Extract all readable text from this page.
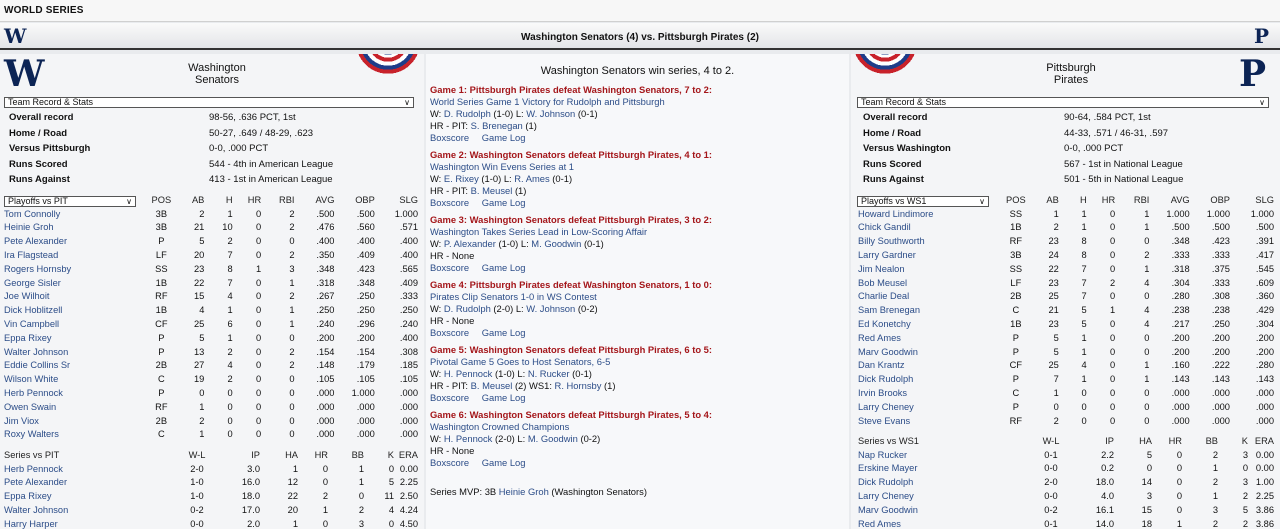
WORLD SERIES
W	Washington Senators (4) vs. Pittsburgh Pirates (2)	P
W	Washington
Senators
Team Record & Stats	∨
Overall record	98-56, .636 PCT, 1st
Home / Road	50-27, .649 / 48-29, .623
Versus Pittsburgh	0-0, .000 PCT
Runs Scored	544 - 4th in American League
Runs Against	413 - 1st in American League
Playoffs vs PIT	∨
	POS	AB	H	HR	RBI	AVG	OBP	SLG
Tom Connolly	3B	2	1	0	2	.500	.500	1.000
Heinie Groh	3B	21	10	0	2	.476	.560	.571
Pete Alexander	P	5	2	0	0	.400	.400	.400
Ira Flagstead	LF	20	7	0	2	.350	.409	.400
Rogers Hornsby	SS	23	8	1	3	.348	.423	.565
George Sisler	1B	22	7	0	1	.318	.348	.409
Joe Wilhoit	RF	15	4	0	2	.267	.250	.333
Dick Hoblitzell	1B	4	1	0	1	.250	.250	.250
Vin Campbell	CF	25	6	0	1	.240	.296	.240
Eppa Rixey	P	5	1	0	0	.200	.200	.400
Walter Johnson	P	13	2	0	2	.154	.154	.308
Eddie Collins Sr	2B	27	4	0	2	.148	.179	.185
Wilson White	C	19	2	0	0	.105	.105	.105
Herb Pennock	P	0	0	0	0	.000	1.000	.000
Owen Swain	RF	1	0	0	0	.000	.000	.000
Jim Viox	2B	2	0	0	0	.000	.000	.000
Roxy Walters	C	1	0	0	0	.000	.000	.000
Series vs PIT	W-L	IP	HA	HR	BB	K	ERA
Herb Pennock	2-0	3.0	1	0	1	0	0.00
Pete Alexander	1-0	16.0	12	0	1	5	2.25
Eppa Rixey	1-0	18.0	22	2	0	11	2.50
Walter Johnson	0-2	17.0	20	1	2	4	4.24
Harry Harper	0-0	2.0	1	0	3	0	4.50
Washington Senators win series, 4 to 2.
Game 1: Pittsburgh Pirates defeat Washington Senators, 7 to 2:
World Series Game 1 Victory for Rudolph and Pittsburgh
W: D. Rudolph (1-0) L: W. Johnson (0-1)
HR - PIT: S. Brenegan (1)
Boxscore Game Log
Game 2: Washington Senators defeat Pittsburgh Pirates, 4 to 1:
Washington Win Evens Series at 1
W: E. Rixey (1-0) L: R. Ames (0-1)
HR - PIT: B. Meusel (1)
Boxscore Game Log
Game 3: Washington Senators defeat Pittsburgh Pirates, 3 to 2:
Washington Takes Series Lead in Low-Scoring Affair
W: P. Alexander (1-0) L: M. Goodwin (0-1)
HR - None
Boxscore Game Log
Game 4: Pittsburgh Pirates defeat Washington Senators, 1 to 0:
Pirates Clip Senators 1-0 in WS Contest
W: D. Rudolph (2-0) L: W. Johnson (0-2)
HR - None
Boxscore Game Log
Game 5: Washington Senators defeat Pittsburgh Pirates, 6 to 5:
Pivotal Game 5 Goes to Host Senators, 6-5
W: H. Pennock (1-0) L: N. Rucker (0-1)
HR - PIT: B. Meusel (2) WS1: R. Hornsby (1)
Boxscore Game Log
Game 6: Washington Senators defeat Pittsburgh Pirates, 5 to 4:
Washington Crowned Champions
W: H. Pennock (2-0) L: M. Goodwin (0-2)
HR - None
Boxscore Game Log
Series MVP: 3B Heinie Groh (Washington Senators)
Pittsburgh
Pirates	P
Team Record & Stats	∨
Overall record	90-64, .584 PCT, 1st
Home / Road	44-33, .571 / 46-31, .597
Versus Washington	0-0, .000 PCT
Runs Scored	567 - 1st in National League
Runs Against	501 - 5th in National League
Playoffs vs WS1	∨
	POS	AB	H	HR	RBI	AVG	OBP	SLG
Howard Lindimore	SS	1	1	0	1	1.000	1.000	1.000
Chick Gandil	1B	2	1	0	1	.500	.500	.500
Billy Southworth	RF	23	8	0	0	.348	.423	.391
Larry Gardner	3B	24	8	0	2	.333	.333	.417
Jim Nealon	SS	22	7	0	1	.318	.375	.545
Bob Meusel	LF	23	7	2	4	.304	.333	.609
Charlie Deal	2B	25	7	0	0	.280	.308	.360
Sam Brenegan	C	21	5	1	4	.238	.238	.429
Ed Konetchy	1B	23	5	0	4	.217	.250	.304
Red Ames	P	5	1	0	0	.200	.200	.200
Marv Goodwin	P	5	1	0	0	.200	.200	.200
Dan Krantz	CF	25	4	0	1	.160	.222	.280
Dick Rudolph	P	7	1	0	1	.143	.143	.143
Irvin Brooks	C	1	0	0	0	.000	.000	.000
Larry Cheney	P	0	0	0	0	.000	.000	.000
Steve Evans	RF	2	0	0	0	.000	.000	.000
Series vs WS1	W-L	IP	HA	HR	BB	K	ERA
Nap Rucker	0-1	2.2	5	0	2	3	0.00
Erskine Mayer	0-0	0.2	0	0	1	0	0.00
Dick Rudolph	2-0	18.0	14	0	2	3	1.00
Larry Cheney	0-0	4.0	3	0	1	2	2.25
Marv Goodwin	0-2	16.1	15	0	3	5	3.86
Red Ames	0-1	14.0	18	1	2	2	3.86
